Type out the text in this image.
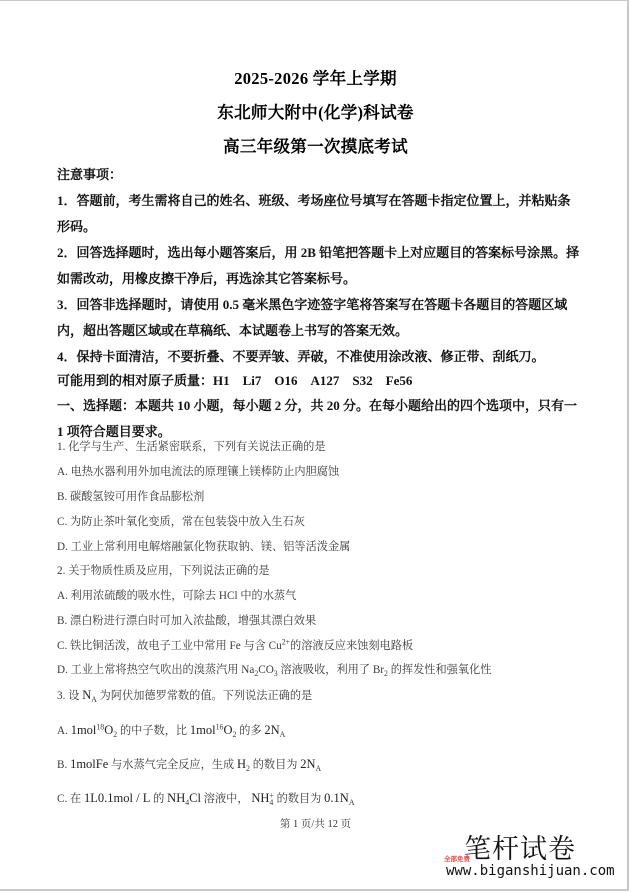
2025-2026 学年上学期
东北师大附中(化学)科试卷
高三年级第一次摸底考试
注意事项：
1．答题前，考生需将自己的姓名、班级、考场座位号填写在答题卡指定位置上，并粘贴条
形码。
2．回答选择题时，选出每小题答案后，用 2B 铅笔把答题卡上对应题目的答案标号涂黑。择
如需改动，用橡皮擦干净后，再选涂其它答案标号。
3．回答非选择题时，请使用 0.5 毫米黑色字迹签字笔将答案写在答题卡各题目的答题区域
内，超出答题区域或在草稿纸、本试题卷上书写的答案无效。
4．保持卡面清洁，不要折叠、不要弄皱、弄破，不准使用涂改液、修正带、刮纸刀。
可能用到的相对原子质量：H1　Li7　O16　A127　S32　Fe56
一、选择题：本题共 10 小题，每小题 2 分，共 20 分。在每小题给出的四个选项中，只有一
1 项符合题目要求。
1. 化学与生产、生活紧密联系，下列有关说法正确的是
A. 电热水器利用外加电流法的原理镶上镁棒防止内胆腐蚀
B. 碳酸氢铵可用作食品膨松剂
C. 为防止茶叶氧化变质，常在包装袋中放入生石灰
D. 工业上常利用电解熔融氯化物获取钠、镁、铝等活泼金属
2. 关于物质性质及应用，下列说法正确的是
A. 利用浓硫酸的吸水性，可除去 HCl 中的水蒸气
B. 漂白粉进行漂白时可加入浓盐酸，增强其漂白效果
C. 铁比铜活泼，故电子工业中常用 Fe 与含 $Cu^{2+}$的溶液反应来蚀刻电路板
D. 工业上常将热空气吹出的溴蒸汽用 $Na_2CO_3$ 溶液吸收，利用了 $Br_2$ 的挥发性和强氧化性
3. 设 $N_A$ 为阿伏加德罗常数的值。下列说法正确的是
A. $1mol^{18}O_2$ 的中子数，比 $1mol^{16}O_2$ 的多 $2N_A$
B. 1molFe 与水蒸气完全反应，生成 $H_2$ 的数目为 $2N_A$
C. 在 1L0.1mol / L 的 $NH_4Cl$ 溶液中， NH +
4 的数目为 $0.1N_A$
第 1 页/共 12 页
笔杆试卷
全部免费
www.biganshijuan.com
